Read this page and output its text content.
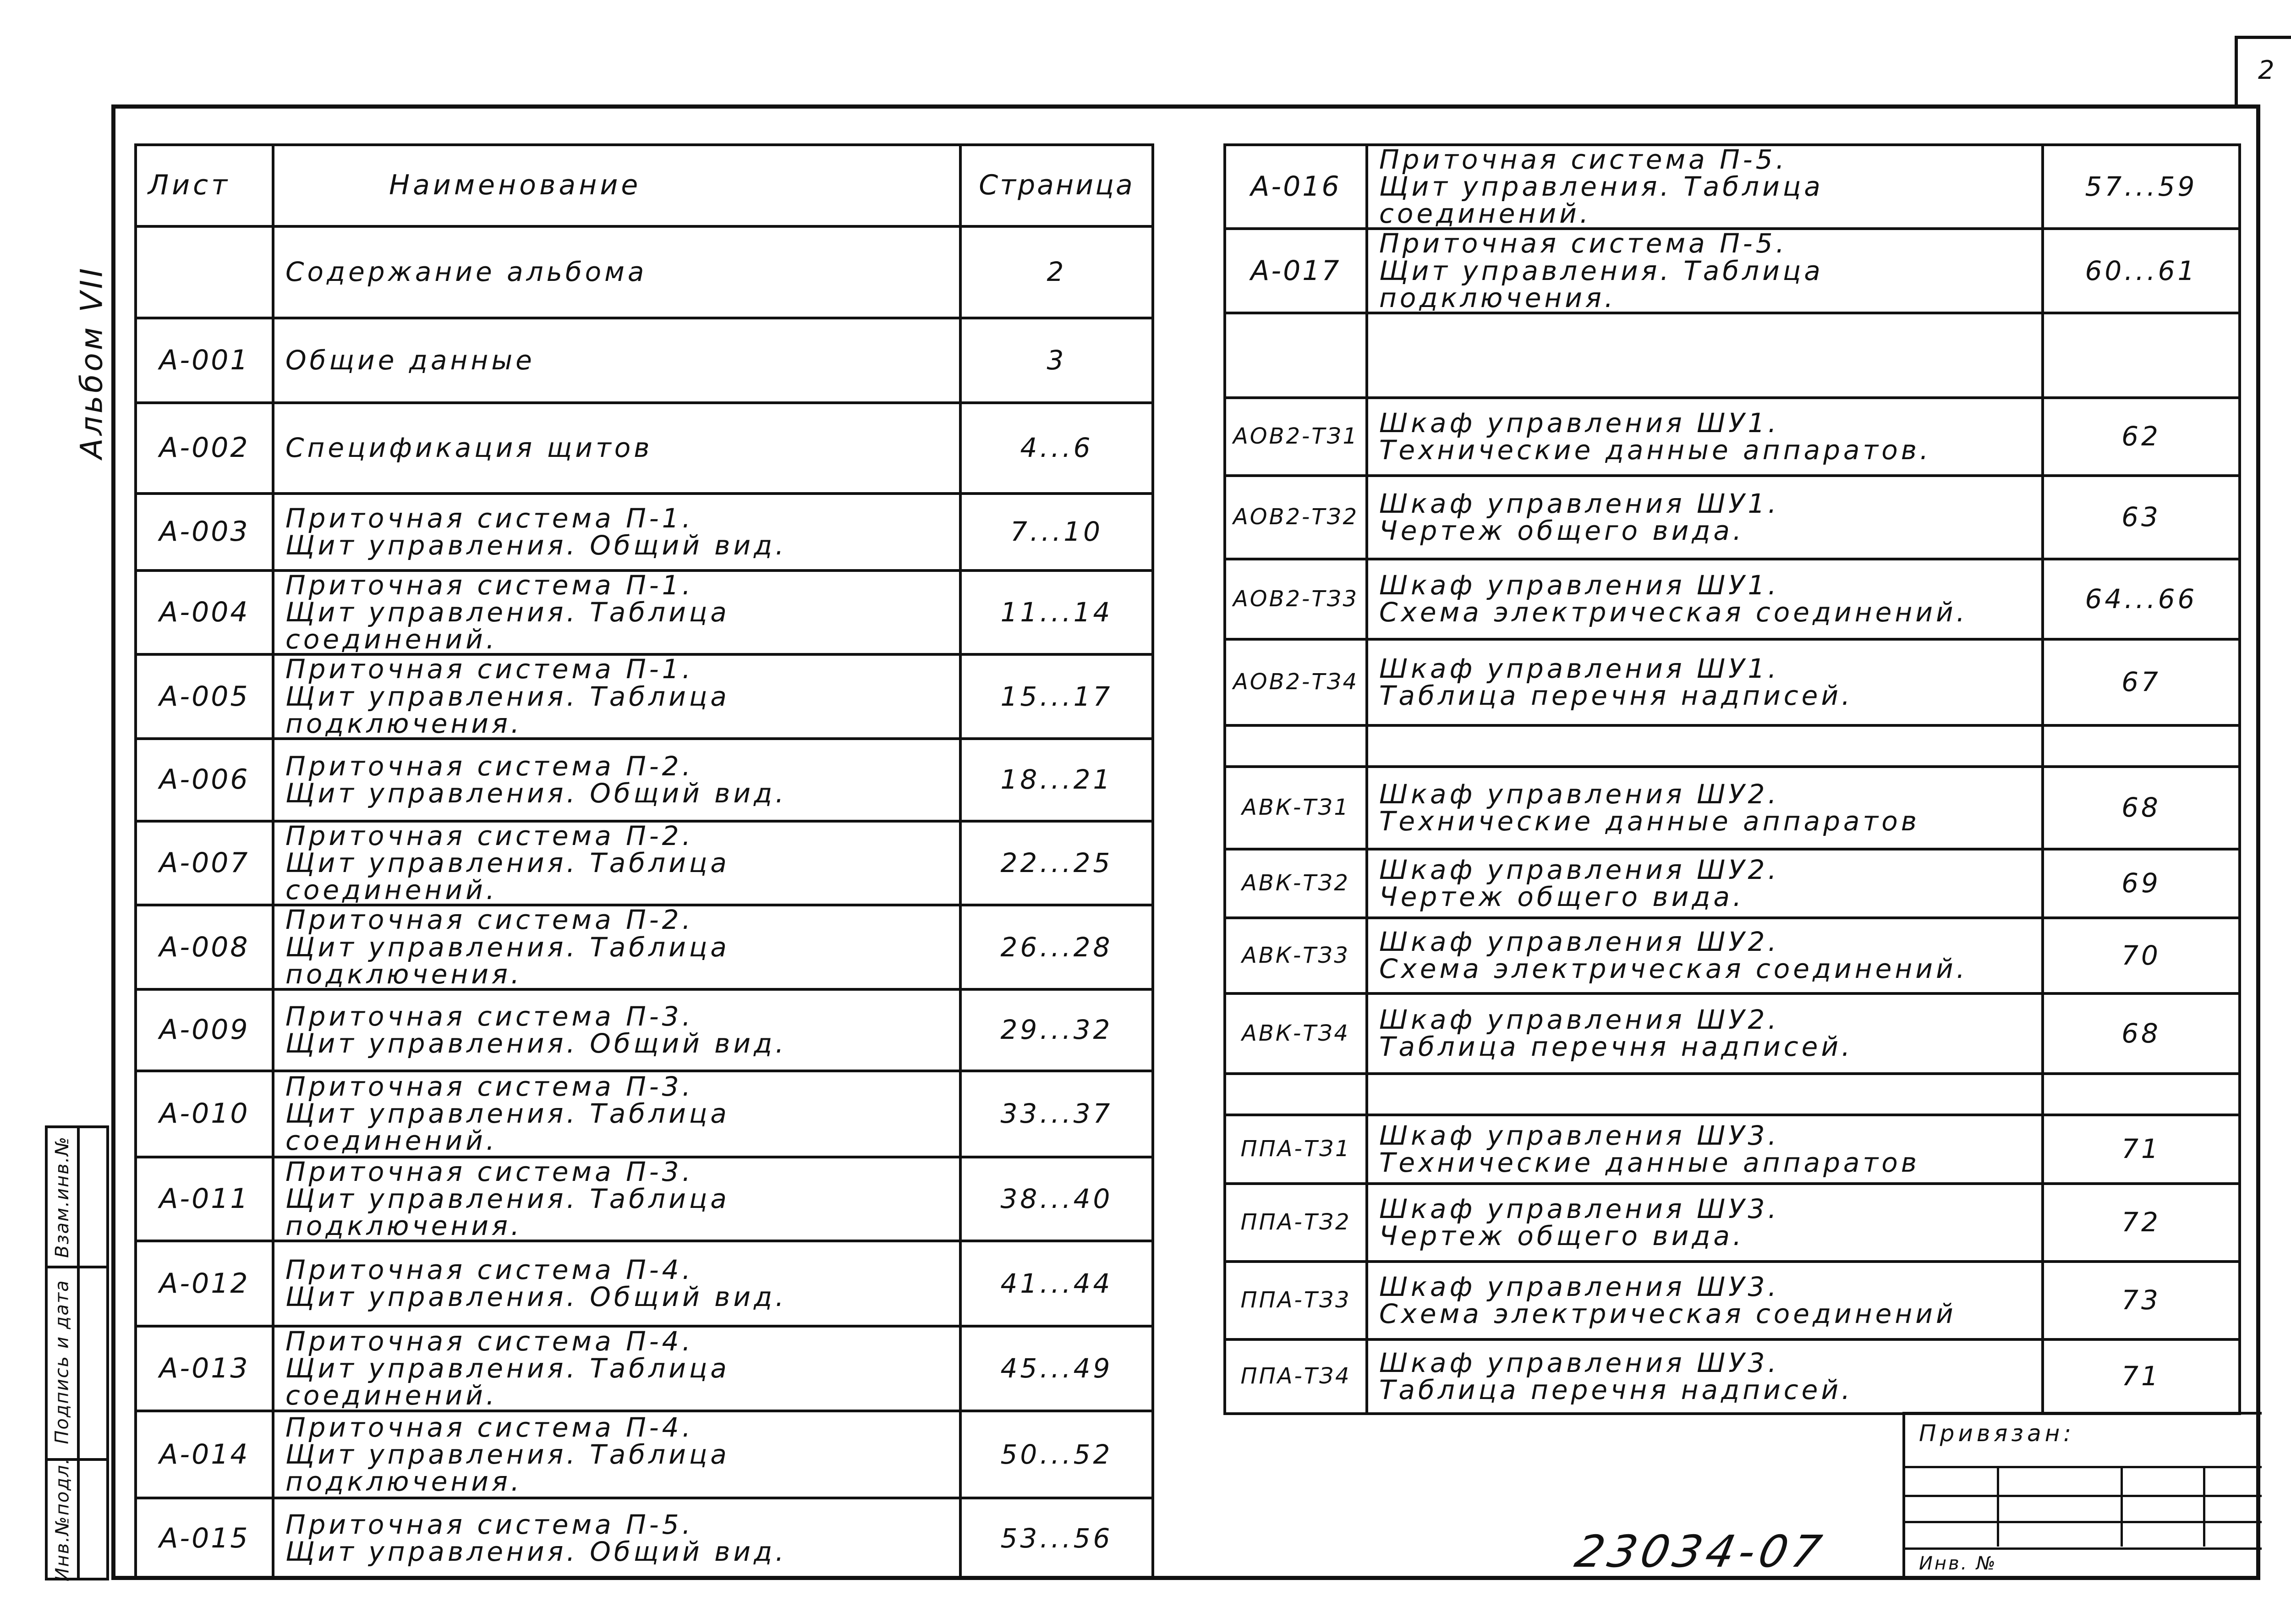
2
Альбом VII
Взам.инв.№
Подпись и дата
Инв.№подл.
Лист	Наименование	Страница

	Содержание альбома	2
А-001	Общие данные	3
А-002	Спецификация щитов	4...6
А-003	Приточная система П-1.
Щит управления. Общий вид.	7...10
А-004	Приточная система П-1.
Щит управления. Таблица
соединений.	11...14
А-005	Приточная система П-1.
Щит управления. Таблица
подключения.	15...17
А-006	Приточная система П-2.
Щит управления. Общий вид.	18...21
А-007	Приточная система П-2.
Щит управления. Таблица
соединений.	22...25
А-008	Приточная система П-2.
Щит управления. Таблица
подключения.	26...28
А-009	Приточная система П-3.
Щит управления. Общий вид.	29...32
А-010	Приточная система П-3.
Щит управления. Таблица
соединений.	33...37
А-011	Приточная система П-3.
Щит управления. Таблица
подключения.	38...40
А-012	Приточная система П-4.
Щит управления. Общий вид.	41...44
А-013	Приточная система П-4.
Щит управления. Таблица
соединений.	45...49
А-014	Приточная система П-4.
Щит управления. Таблица
подключения.	50...52
А-015	Приточная система П-5.
Щит управления. Общий вид.	53...56
А-016	Приточная система П-5.
Щит управления. Таблица
соединений.	57...59
А-017	Приточная система П-5.
Щит управления. Таблица
подключения.	60...61

АОВ2-ТЗ1	Шкаф управления ШУ1.
Технические данные аппаратов.	62
АОВ2-ТЗ2	Шкаф управления ШУ1.
Чертеж общего вида.	63
АОВ2-ТЗ3	Шкаф управления ШУ1.
Схема электрическая соединений.	64...66
АОВ2-ТЗ4	Шкаф управления ШУ1.
Таблица перечня надписей.	67

АВК-ТЗ1	Шкаф управления ШУ2.
Технические данные аппаратов	68
АВК-ТЗ2	Шкаф управления ШУ2.
Чертеж общего вида.	69
АВК-ТЗ3	Шкаф управления ШУ2.
Схема электрическая соединений.	70
АВК-ТЗ4	Шкаф управления ШУ2.
Таблица перечня надписей.	68

ППА-ТЗ1	Шкаф управления ШУ3.
Технические данные аппаратов	71
ППА-ТЗ2	Шкаф управления ШУ3.
Чертеж общего вида.	72
ППА-ТЗ3	Шкаф управления ШУ3.
Схема электрическая соединений	73
ППА-ТЗ4	Шкаф управления ШУ3.
Таблица перечня надписей.	71
Привязан:
Инв. №
23034-07
